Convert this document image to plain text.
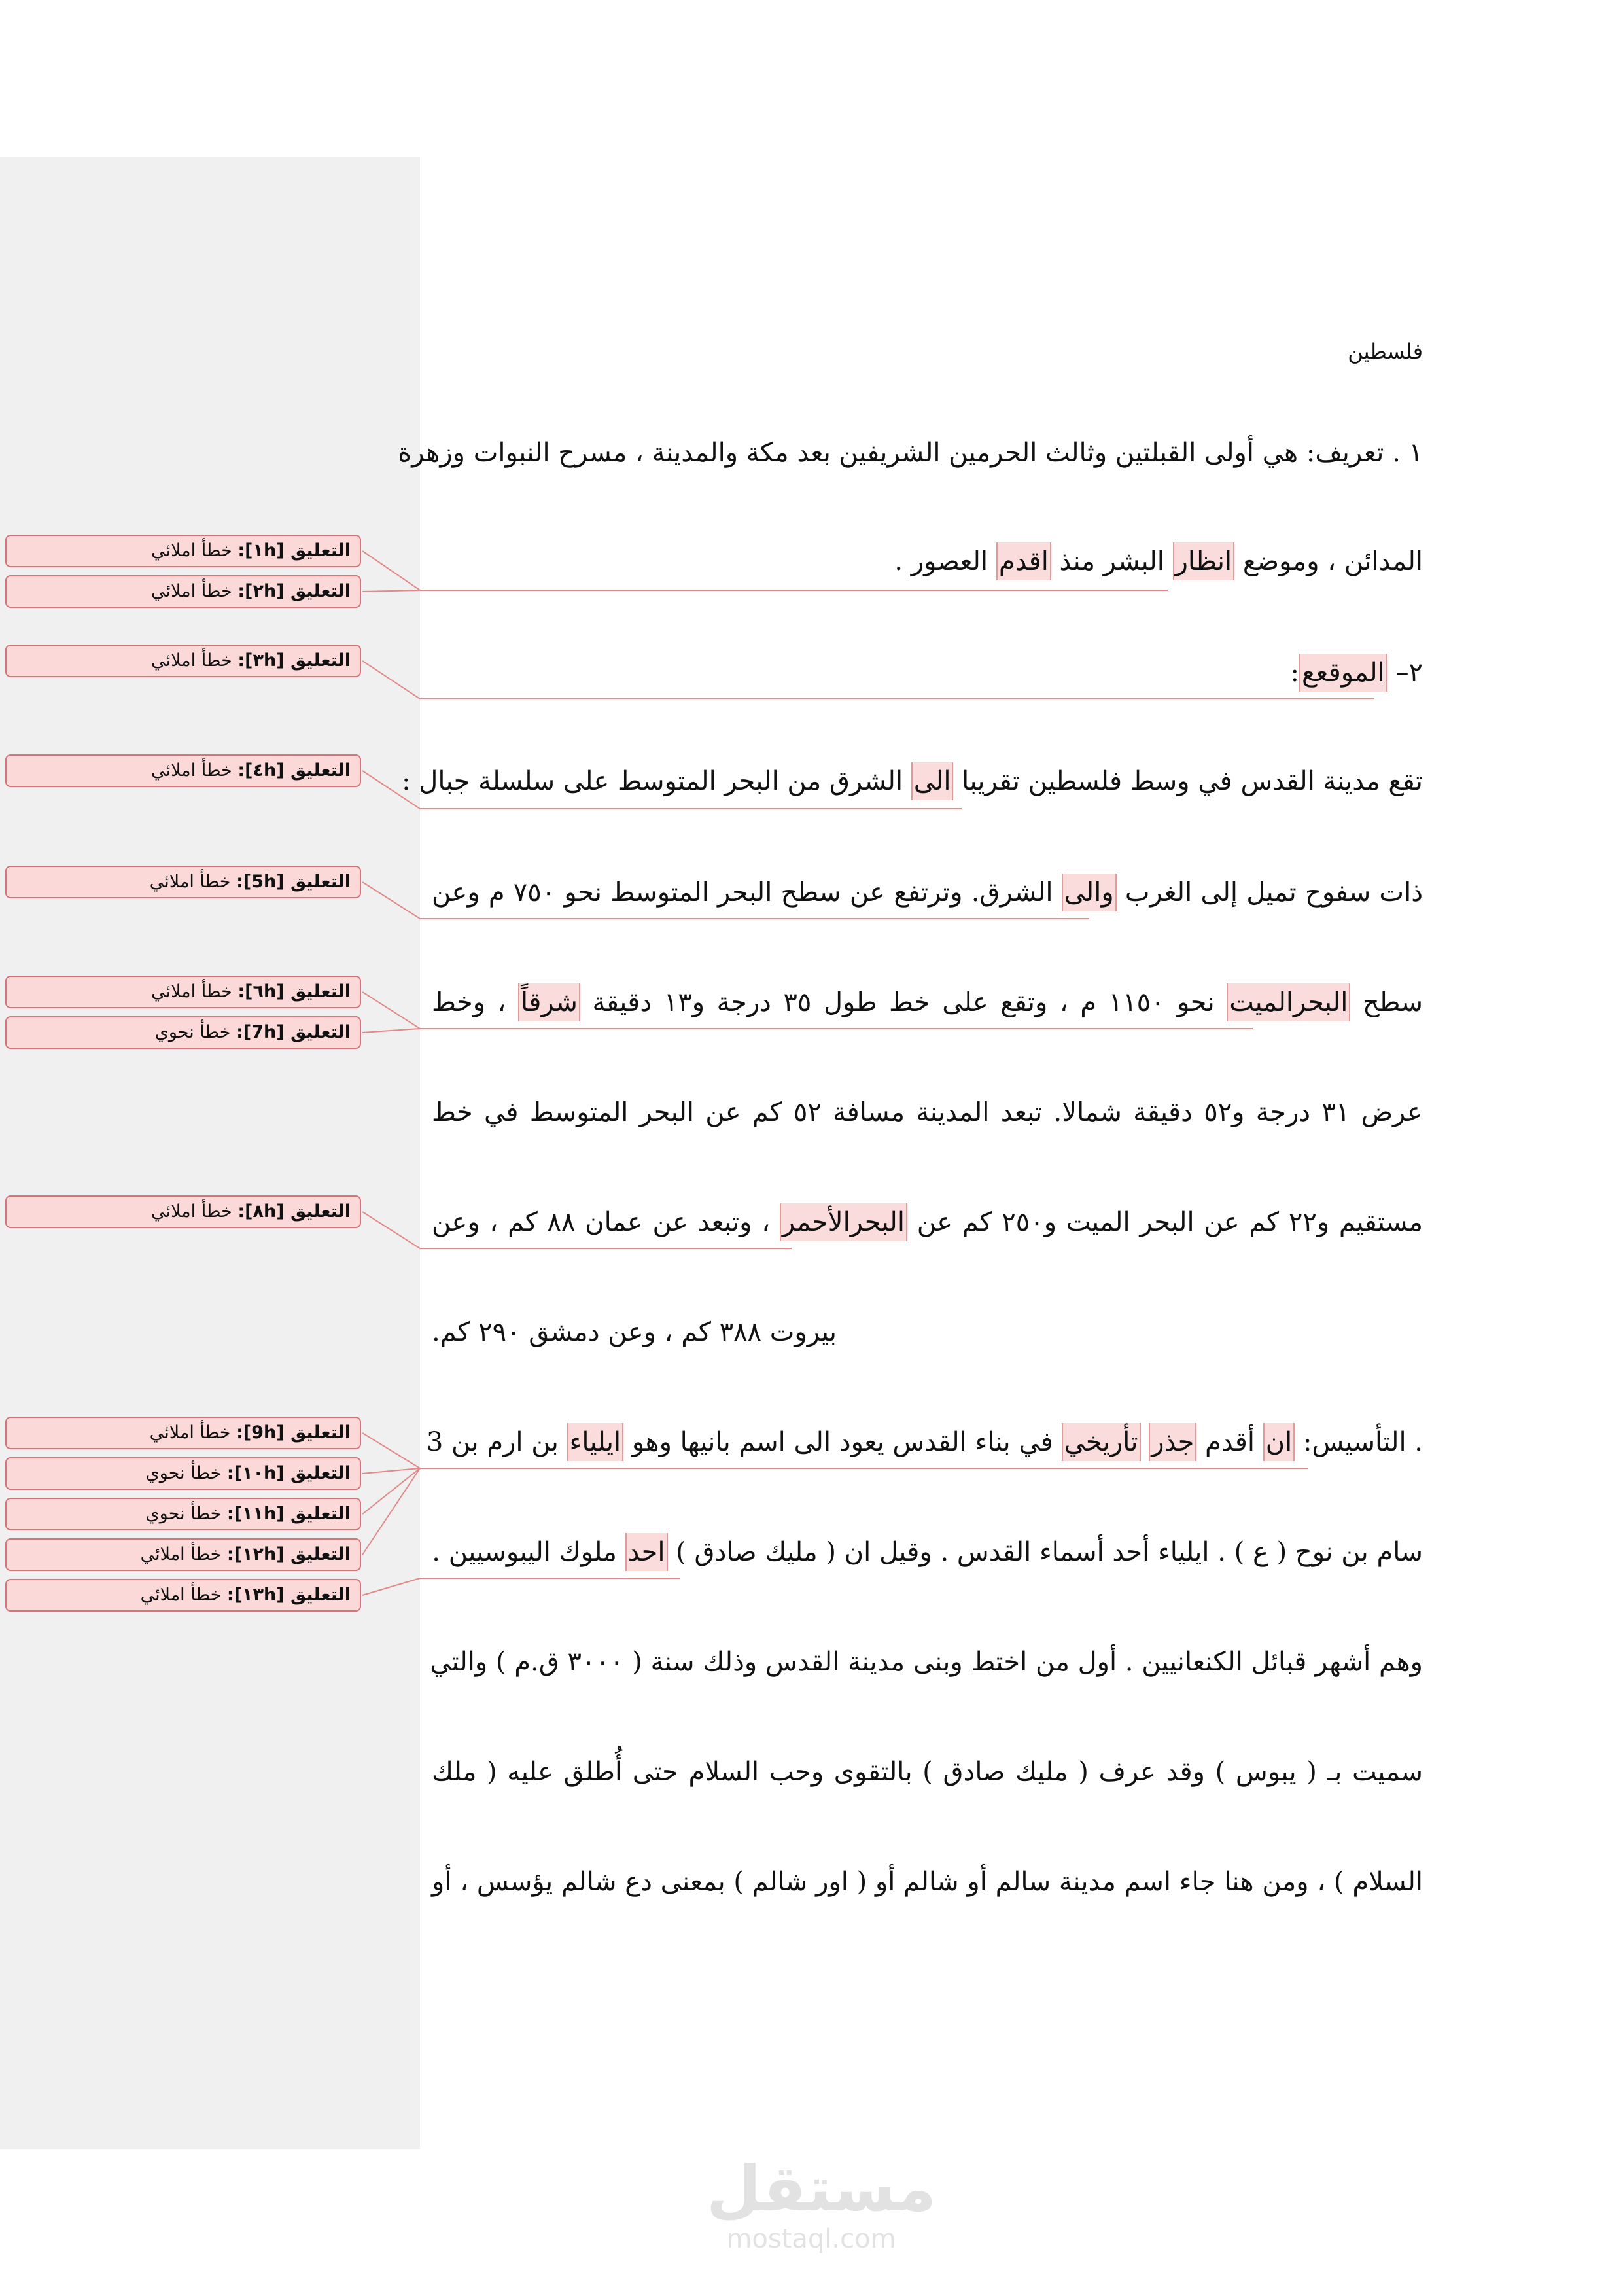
فلسطين
١ . تعريف: هي أولى القبلتين وثالث الحرمين الشريفين بعد مكة والمدينة ، مسرح النبوات وزهرة
المدائن ، وموضع انظار البشر منذ اقدم العصور .
٢– الموقعع:
تقع مدينة القدس في وسط فلسطين تقريبا الى الشرق من البحر المتوسط على سلسلة جبال :
ذات سفوح تميل إلى الغرب والى الشرق. وترتفع عن سطح البحر المتوسط نحو ٧٥٠ م وعن
سطح البحرالميت نحو ١١٥٠ م ، وتقع على خط طول ٣٥ درجة و١٣ دقيقة شرقاً ، وخط
عرض ٣١ درجة و٥٢ دقيقة شمالا. تبعد المدينة مسافة ٥٢ كم عن البحر المتوسط في خط
مستقيم و٢٢ كم عن البحر الميت و٢٥٠ كم عن البحرالأحمر ، وتبعد عن عمان ٨٨ كم ، وعن
بيروت ٣٨٨ كم ، وعن دمشق ٢٩٠ كم.
. التأسيس: ان أقدم جذر تأريخي في بناء القدس يعود الى اسم بانيها وهو ايلياء بن ارم بن 3
سام بن نوح ( ع ) . ايلياء أحد أسماء القدس . وقيل ان ( مليك صادق ) احد ملوك اليبوسيين .
وهم أشهر قبائل الكنعانيين . أول من اختط وبنى مدينة القدس وذلك سنة ( ٣٠٠٠ ق.م ) والتي
سميت بـ ( يبوس ) وقد عرف ( مليك صادق ) بالتقوى وحب السلام حتى أُطلق عليه ( ملك
السلام ) ، ومن هنا جاء اسم مدينة سالم أو شالم أو ( اور شالم ) بمعنى دع شالم يؤسس ، أو
التعليق [١h]: خطأ املائي
التعليق [٢h]: خطأ املائي
التعليق [٣h]: خطأ املائي
التعليق [٤h]: خطأ املائي
التعليق [5h]: خطأ املائي
التعليق [٦h]: خطأ املائي
التعليق [7h]: خطأ نحوي
التعليق [٨h]: خطأ املائي
التعليق [9h]: خطأ املائي
التعليق [١٠h]: خطأ نحوي
التعليق [١١h]: خطأ نحوي
التعليق [١٢h]: خطأ املائي
التعليق [١٣h]: خطأ املائي
مستقل
mostaql.com
